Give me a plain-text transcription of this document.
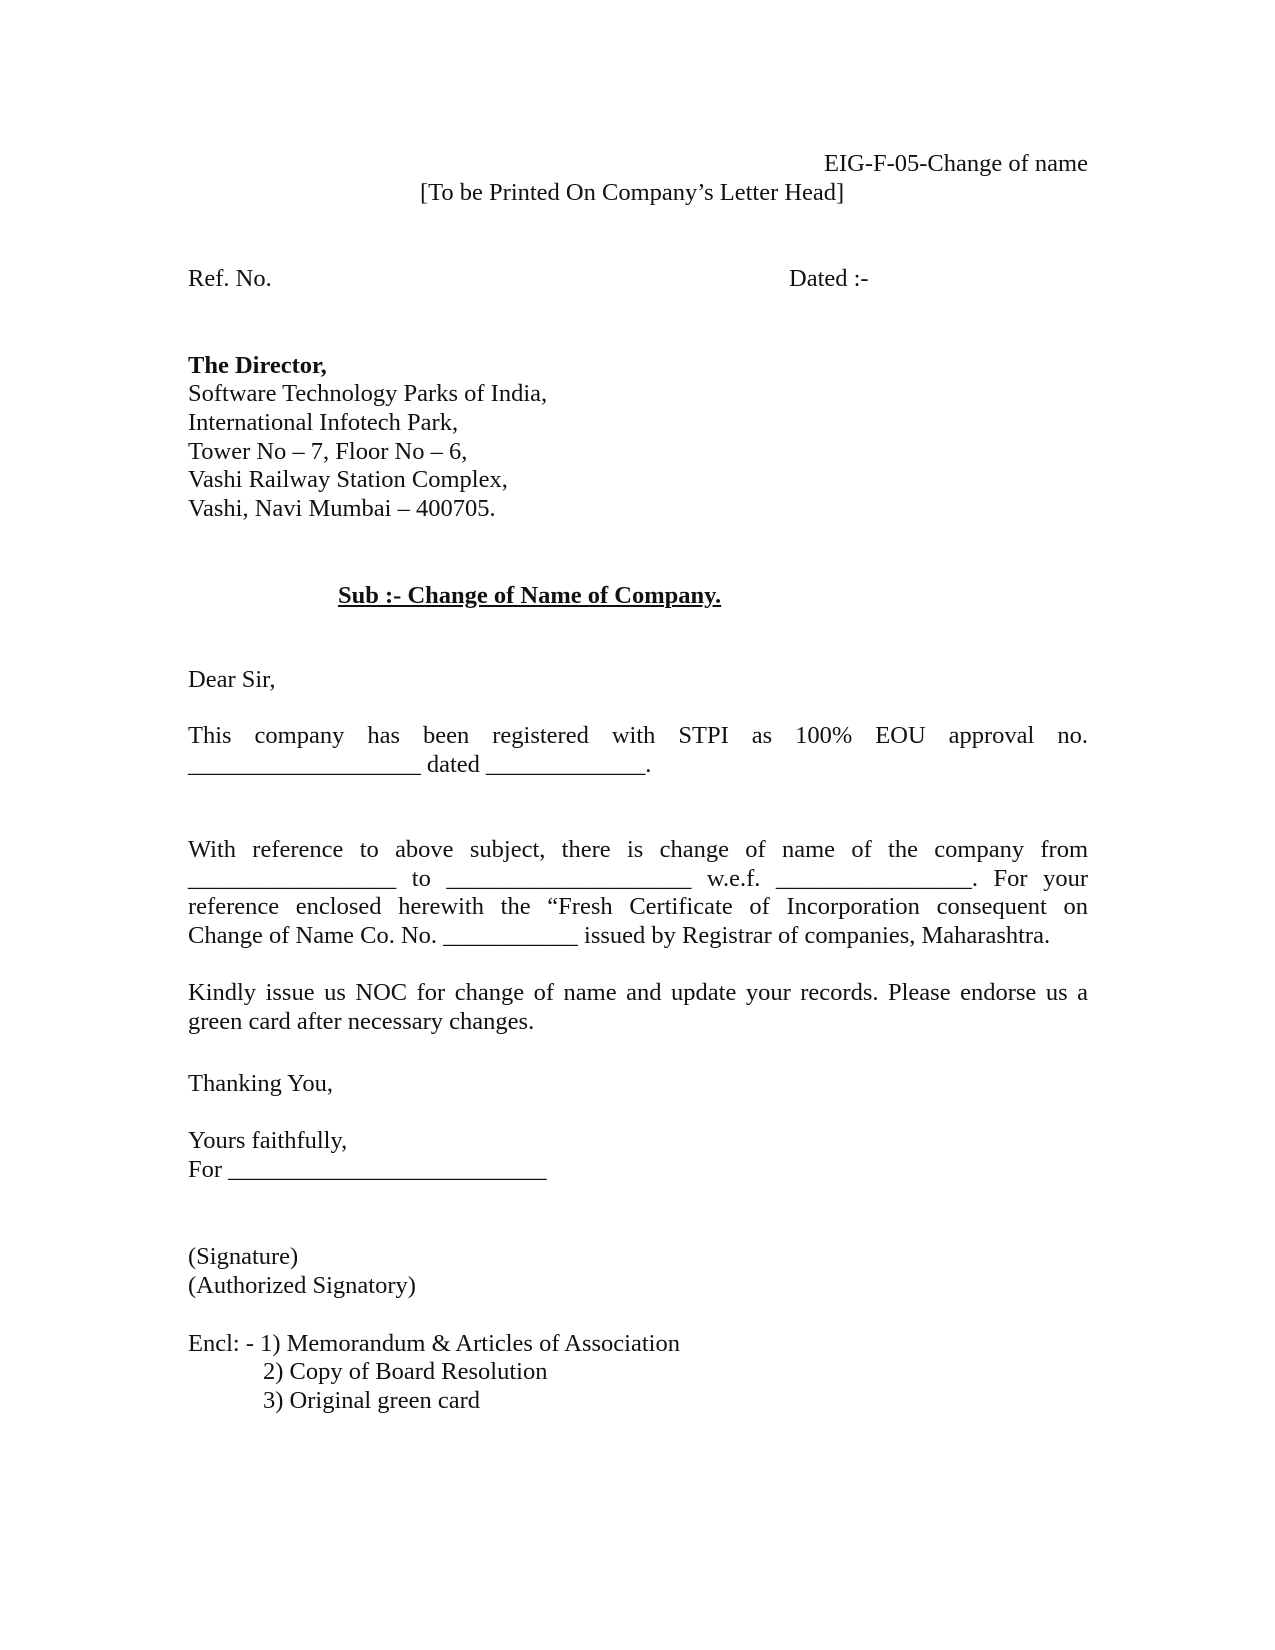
EIG-F-05-Change of name
[To be Printed On Company’s Letter Head]
Ref. No.	Dated :-
The Director,
Software Technology Parks of India,
International Infotech Park,
Tower No – 7, Floor No – 6,
Vashi Railway Station Complex,
Vashi, Navi Mumbai – 400705.
Sub :- Change of Name of Company.
Dear Sir,
This company has been registered with STPI as 100% EOU approval no.
___________________ dated _____________.
With reference to above subject, there is change of name of the company from
_________________ to ____________________ w.e.f. ________________. For your
reference enclosed herewith the “Fresh Certificate of Incorporation consequent on
Change of Name Co. No. ___________ issued by Registrar of companies, Maharashtra.
Kindly issue us NOC for change of name and update your records. Please endorse us a
green card after necessary changes.
Thanking You,
Yours faithfully,
For __________________________
(Signature)
(Authorized Signatory)
Encl: - 1) Memorandum & Articles of Association
2) Copy of Board Resolution
3) Original green card
